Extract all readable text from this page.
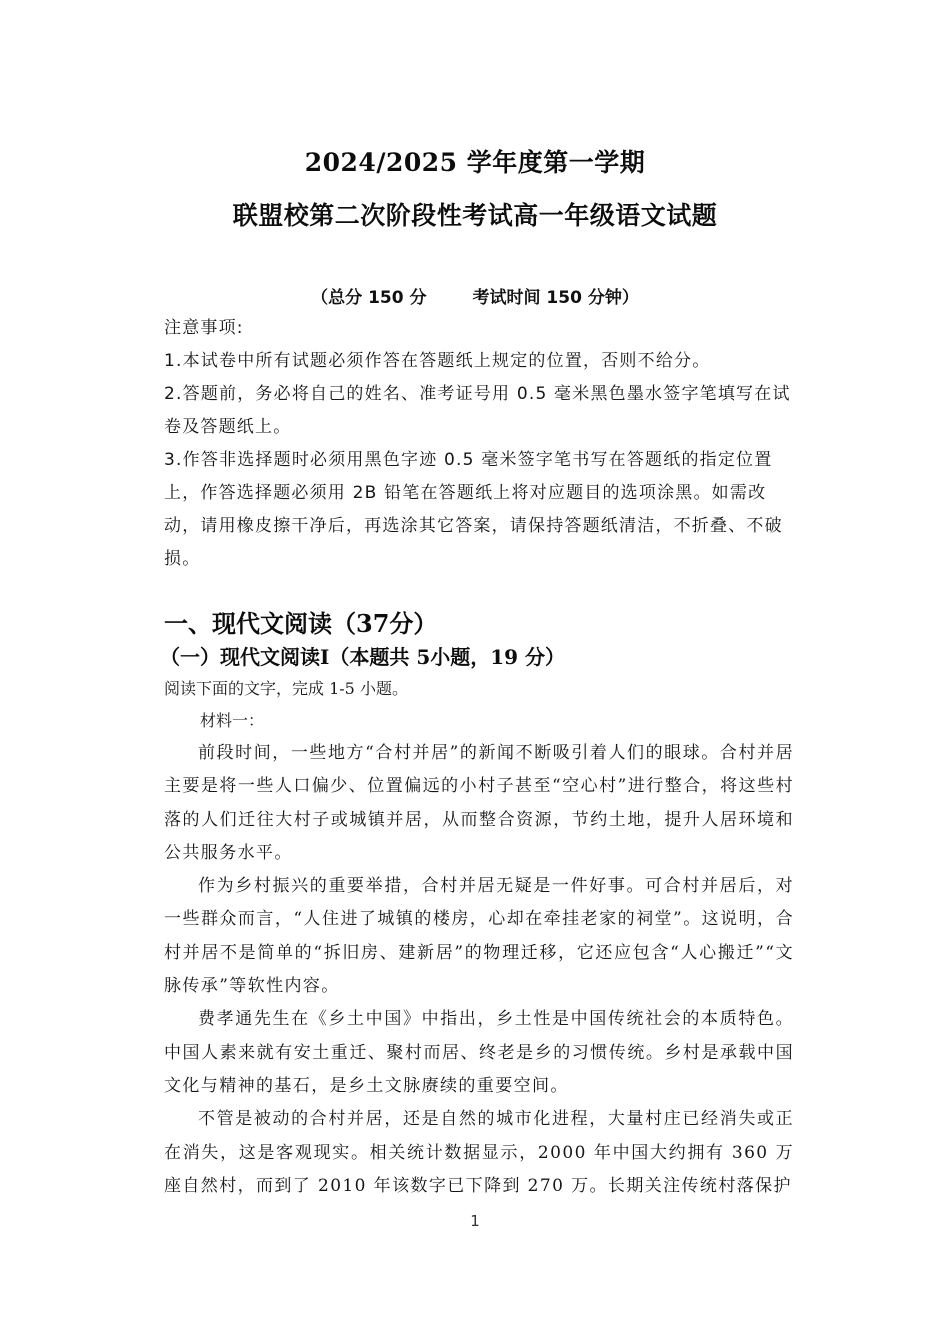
2024/2025 学年度第一学期
联盟校第二次阶段性考试高一年级语文试题
（总分 150 分	考试时间 150 分钟）

注意事项:

1.本试卷中所有试题必须作答在答题纸上规定的位置，否则不给分。

2.答题前，务必将自己的姓名、准考证号用 0.5 毫米黑色墨水签字笔填写在试卷及答题纸上。

3.作答非选择题时必须用黑色字迹 0.5 毫米签字笔书写在答题纸的指定位置上，作答选择题必须用 2B 铅笔在答题纸上将对应题目的选项涂黑。如需改动，请用橡皮擦干净后，再选涂其它答案，请保持答题纸清洁，不折叠、不破损。

一、现代文阅读（37分）
（一）现代文阅读Ⅰ（本题共 5小题，19 分）
阅读下面的文字，完成 1-5 小题。
材料一：

前段时间，一些地方“合村并居”的新闻不断吸引着人们的眼球。合村并居主要是将一些人口偏少、位置偏远的小村子甚至“空心村”进行整合，将这些村落的人们迁往大村子或城镇并居，从而整合资源，节约土地，提升人居环境和公共服务水平。

作为乡村振兴的重要举措，合村并居无疑是一件好事。可合村并居后，对一些群众而言，“人住进了城镇的楼房，心却在牵挂老家的祠堂”。这说明，合村并居不是简单的“拆旧房、建新居”的物理迁移，它还应包含“人心搬迁”“文脉传承”等软性内容。

费孝通先生在《乡土中国》中指出，乡土性是中国传统社会的本质特色。中国人素来就有安土重迁、聚村而居、终老是乡的习惯传统。乡村是承载中国文化与精神的基石，是乡土文脉赓续的重要空间。

不管是被动的合村并居，还是自然的城市化进程，大量村庄已经消失或正在消失，这是客观现实。相关统计数据显示，2000 年中国大约拥有 360 万座自然村，而到了 2010 年该数字已下降到 270 万。长期关注传统村落保护

1
